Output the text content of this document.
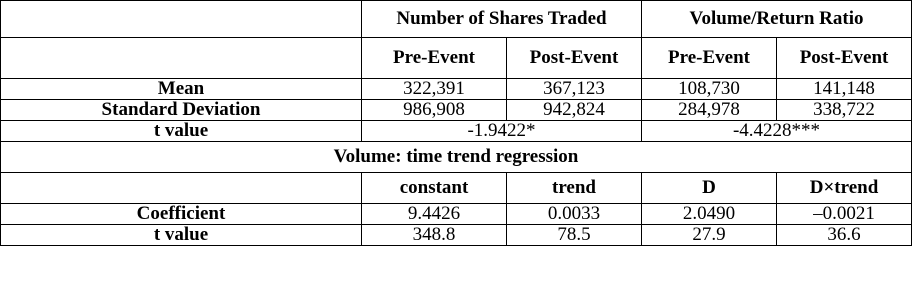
	Number of Shares Traded		Volume/Return Ratio	
	Pre-Event	Post-Event	Pre-Event	Post-Event
Mean	322,391	367,123	108,730	141,148
Standard Deviation	986,908	942,824	284,978	338,722
t value	-1.9422*		-4.4228***	
Volume: time trend regression				
	constant	trend	D	D×trend
Coefficient	9.4426	0.0033	2.0490	–0.0021
t value	348.8	78.5	27.9	36.6
